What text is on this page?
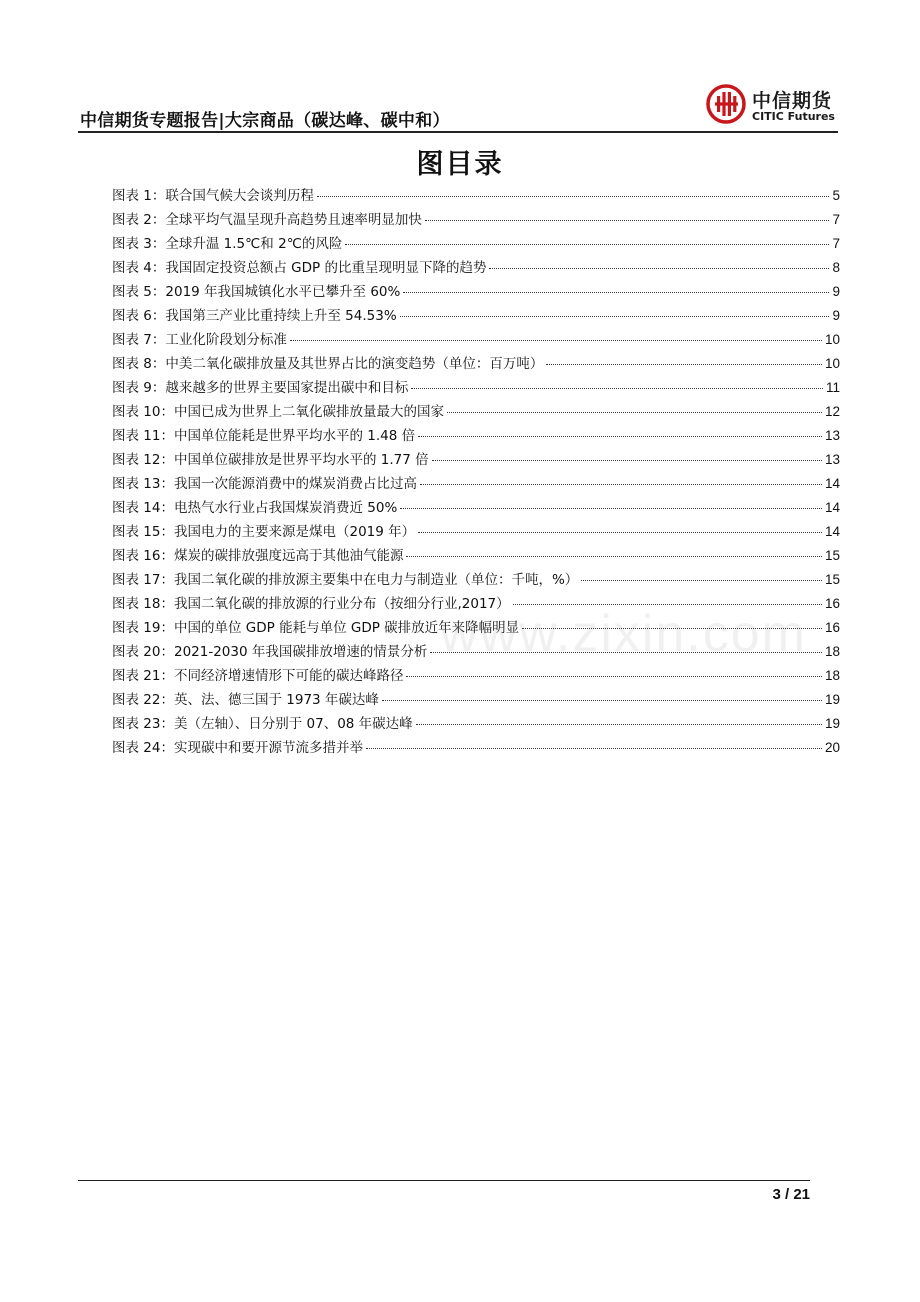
中信期货专题报告|大宗商品（碳达峰、碳中和）
中信期货
CITIC Futures
图目录
图表 1： 联合国气候大会谈判历程	5
图表 2： 全球平均气温呈现升高趋势且速率明显加快	7
图表 3： 全球升温 1.5℃和 2℃的风险	7
图表 4： 我国固定投资总额占 GDP 的比重呈现明显下降的趋势	8
图表 5： 2019 年我国城镇化水平已攀升至 60%	9
图表 6： 我国第三产业比重持续上升至 54.53%	9
图表 7： 工业化阶段划分标准	10
图表 8： 中美二氧化碳排放量及其世界占比的演变趋势（单位：百万吨）	10
图表 9： 越来越多的世界主要国家提出碳中和目标	11
图表 10： 中国已成为世界上二氧化碳排放量最大的国家	12
图表 11： 中国单位能耗是世界平均水平的 1.48 倍	13
图表 12： 中国单位碳排放是世界平均水平的 1.77 倍	13
图表 13： 我国一次能源消费中的煤炭消费占比过高	14
图表 14： 电热气水行业占我国煤炭消费近 50%	14
图表 15： 我国电力的主要来源是煤电（2019 年）	14
图表 16： 煤炭的碳排放强度远高于其他油气能源	15
图表 17： 我国二氧化碳的排放源主要集中在电力与制造业（单位：千吨，%）	15
图表 18： 我国二氧化碳的排放源的行业分布（按细分行业,2017）	16
图表 19： 中国的单位 GDP 能耗与单位 GDP 碳排放近年来降幅明显	16
图表 20： 2021-2030 年我国碳排放增速的情景分析	18
图表 21： 不同经济增速情形下可能的碳达峰路径	18
图表 22： 英、法、德三国于 1973 年碳达峰	19
图表 23： 美（左轴）、日分别于 07、08 年碳达峰	19
图表 24： 实现碳中和要开源节流多措并举	20
www.zixin.com
3 / 21
